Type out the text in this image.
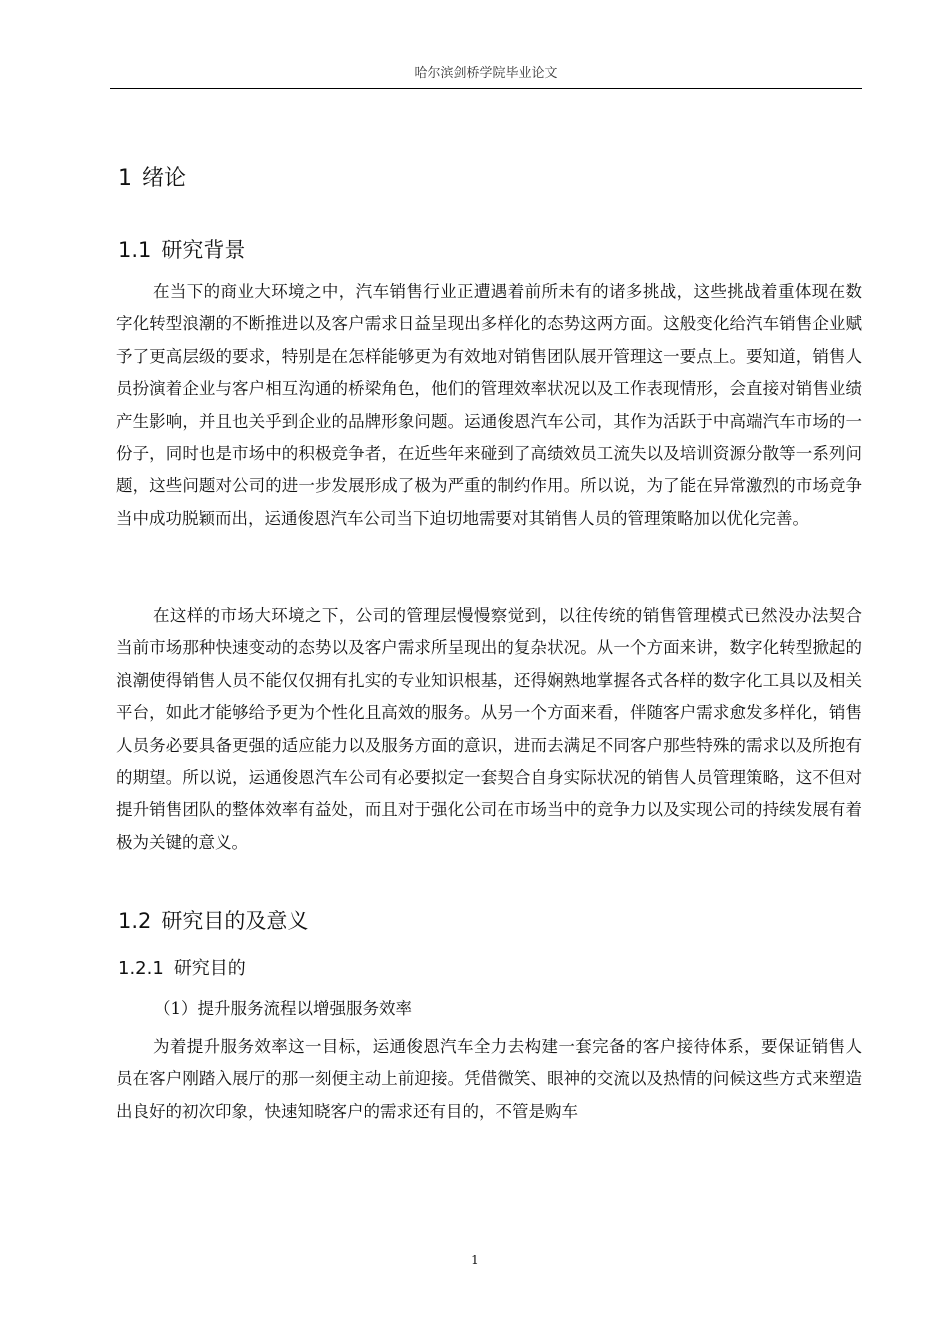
哈尔滨剑桥学院毕业论文
1 绪论
1.1 研究背景

在当下的商业大环境之中，汽车销售行业正遭遇着前所未有的诸多挑战，这些挑战着重体现在数字化转型浪潮的不断推进以及客户需求日益呈现出多样化的态势这两方面。这般变化给汽车销售企业赋予了更高层级的要求，特别是在怎样能够更为有效地对销售团队展开管理这一要点上。要知道，销售人员扮演着企业与客户相互沟通的桥梁角色，他们的管理效率状况以及工作表现情形，会直接对销售业绩产生影响，并且也关乎到企业的品牌形象问题。运通俊恩汽车公司，其作为活跃于中高端汽车市场的一份子，同时也是市场中的积极竞争者，在近些年来碰到了高绩效员工流失以及培训资源分散等一系列问题，这些问题对公司的进一步发展形成了极为严重的制约作用。所以说，为了能在异常激烈的市场竞争当中成功脱颖而出，运通俊恩汽车公司当下迫切地需要对其销售人员的管理策略加以优化完善。

在这样的市场大环境之下，公司的管理层慢慢察觉到，以往传统的销售管理模式已然没办法契合当前市场那种快速变动的态势以及客户需求所呈现出的复杂状况。从一个方面来讲，数字化转型掀起的浪潮使得销售人员不能仅仅拥有扎实的专业知识根基，还得娴熟地掌握各式各样的数字化工具以及相关平台，如此才能够给予更为个性化且高效的服务。从另一个方面来看，伴随客户需求愈发多样化，销售人员务必要具备更强的适应能力以及服务方面的意识，进而去满足不同客户那些特殊的需求以及所抱有的期望。所以说，运通俊恩汽车公司有必要拟定一套契合自身实际状况的销售人员管理策略，这不但对提升销售团队的整体效率有益处，而且对于强化公司在市场当中的竞争力以及实现公司的持续发展有着极为关键的意义。

1.2 研究目的及意义
1.2.1 研究目的

（1）提升服务流程以增强服务效率

为着提升服务效率这一目标，运通俊恩汽车全力去构建一套完备的客户接待体系，要保证销售人员在客户刚踏入展厅的那一刻便主动上前迎接。凭借微笑、眼神的交流以及热情的问候这些方式来塑造出良好的初次印象，快速知晓客户的需求还有目的，不管是购车

1
